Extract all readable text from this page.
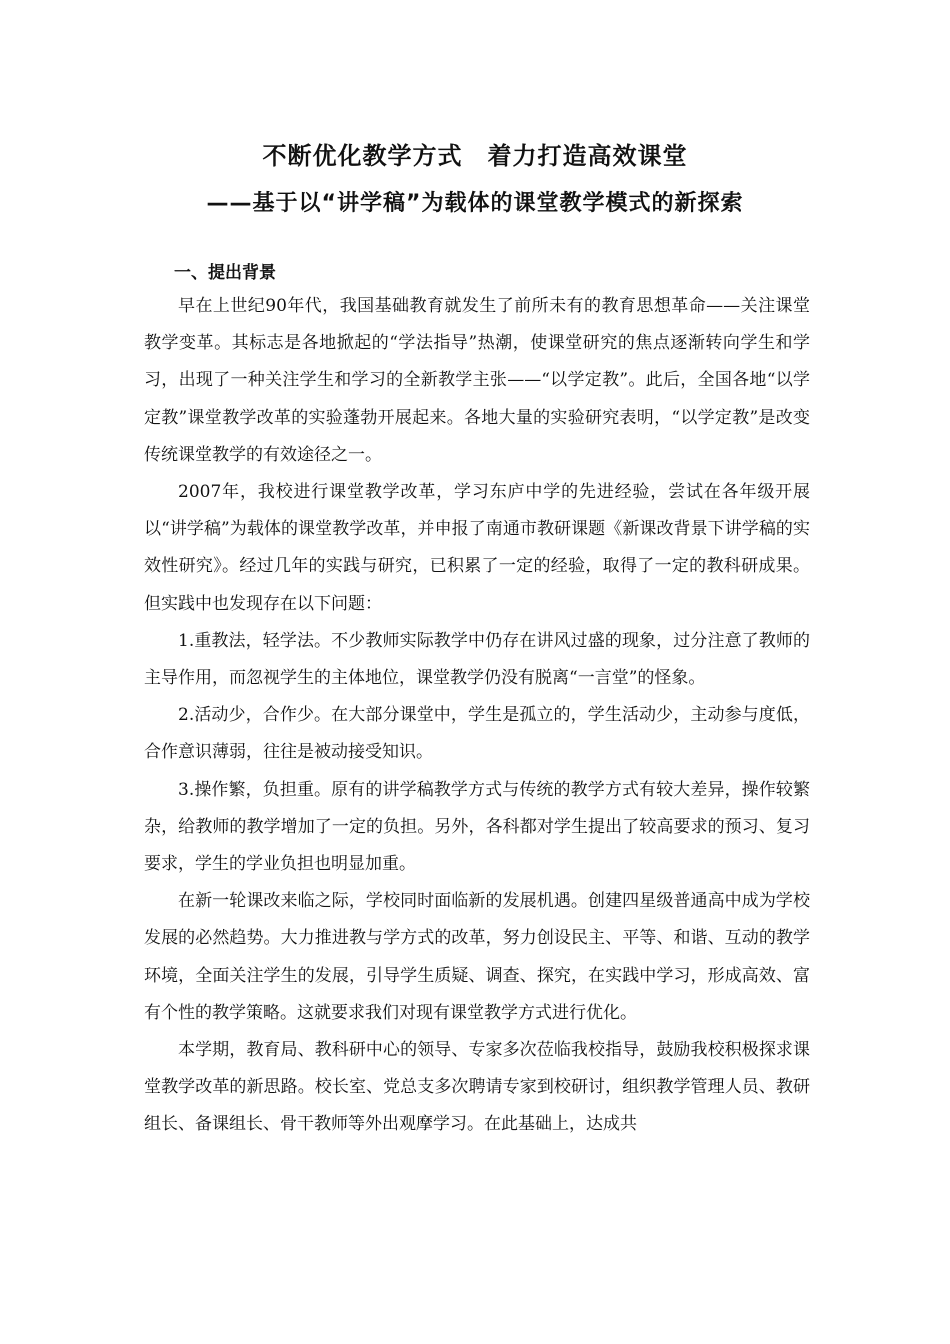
不断优化教学方式　着力打造高效课堂
——基于以“讲学稿”为载体的课堂教学模式的新探索
一、提出背景

早在上世纪90年代，我国基础教育就发生了前所未有的教育思想革命——关注课堂教学变革。其标志是各地掀起的“学法指导”热潮，使课堂研究的焦点逐渐转向学生和学习，出现了一种关注学生和学习的全新教学主张——“以学定教”。此后，全国各地“以学定教”课堂教学改革的实验蓬勃开展起来。各地大量的实验研究表明，“以学定教”是改变传统课堂教学的有效途径之一。

2007年，我校进行课堂教学改革，学习东庐中学的先进经验，尝试在各年级开展以“讲学稿”为载体的课堂教学改革，并申报了南通市教研课题《新课改背景下讲学稿的实效性研究》。经过几年的实践与研究，已积累了一定的经验，取得了一定的教科研成果。但实践中也发现存在以下问题：

1.重教法，轻学法。不少教师实际教学中仍存在讲风过盛的现象，过分注意了教师的主导作用，而忽视学生的主体地位，课堂教学仍没有脱离“一言堂”的怪象。

2.活动少，合作少。在大部分课堂中，学生是孤立的，学生活动少，主动参与度低，合作意识薄弱，往往是被动接受知识。

3.操作繁，负担重。原有的讲学稿教学方式与传统的教学方式有较大差异，操作较繁杂，给教师的教学增加了一定的负担。另外，各科都对学生提出了较高要求的预习、复习要求，学生的学业负担也明显加重。

在新一轮课改来临之际，学校同时面临新的发展机遇。创建四星级普通高中成为学校发展的必然趋势。大力推进教与学方式的改革，努力创设民主、平等、和谐、互动的教学环境，全面关注学生的发展，引导学生质疑、调查、探究，在实践中学习，形成高效、富有个性的教学策略。这就要求我们对现有课堂教学方式进行优化。

本学期，教育局、教科研中心的领导、专家多次莅临我校指导，鼓励我校积极探求课堂教学改革的新思路。校长室、党总支多次聘请专家到校研讨，组织教学管理人员、教研组长、备课组长、骨干教师等外出观摩学习。在此基础上，达成共
